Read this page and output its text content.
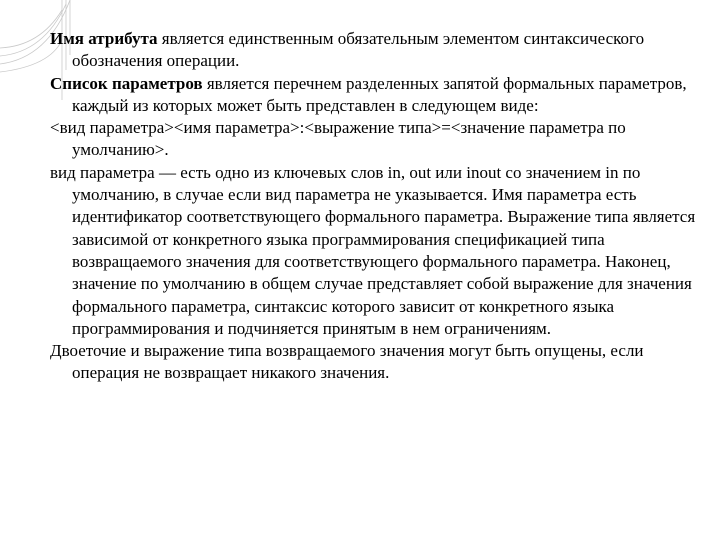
Имя атрибута является единственным обязательным элементом синтаксического обозначения операции.

Список параметров является перечнем разделенных запятой формальных параметров, каждый из которых может быть представлен в следующем виде:

<вид параметра><имя параметра>:<выражение типа>=<значение параметра по умолчанию>.

вид параметра — есть одно из ключевых слов in, out или inout со значением in по умолчанию, в случае если вид параметра не указывается. Имя параметра есть идентификатор соответствующего формального параметра. Выражение типа является зависимой от конкретного языка программирования спецификацией типа возвращаемого значения для соответствующего формального параметра. Наконец, значение по умолчанию в общем случае представляет собой выражение для значения формального параметра, синтаксис которого зависит от конкретного языка программирования и подчиняется принятым в нем ограничениям.

Двоеточие и выражение типа возвращаемого значения могут быть опущены, если операция не возвращает никакого значения.
